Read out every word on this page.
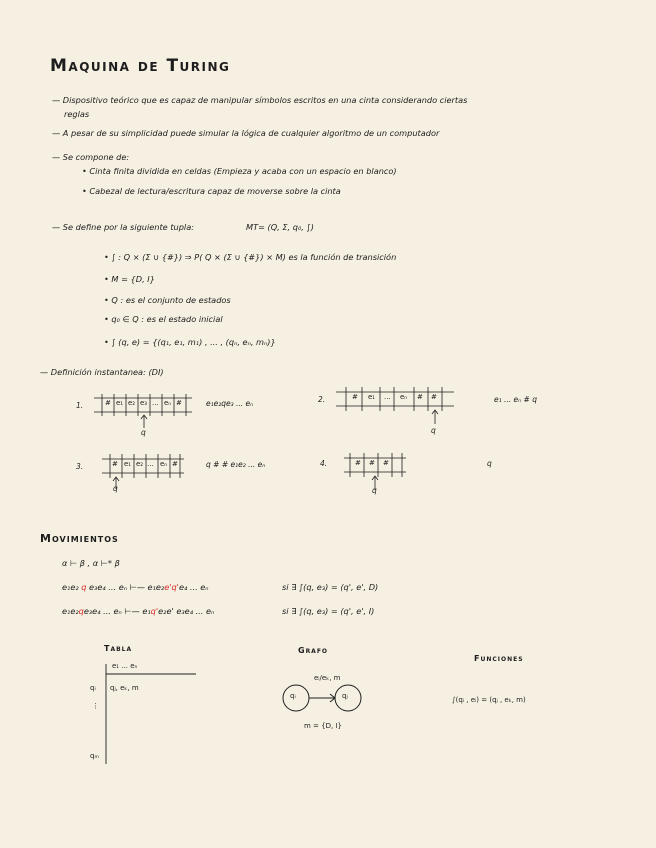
Maquina de Turing
— Dispositivo teórico que es capaz de manipular símbolos escritos en una cinta considerando ciertas
reglas
— A pesar de su simplicidad puede simular la lógica de cualquier algoritmo de un computador
— Se compone de:
• Cinta finita dividida en celdas (Empieza y acaba con un espacio en blanco)
• Cabezal de lectura/escritura capaz de moverse sobre la cinta
— Se define por la siguiente tupla:	MT= (Q, Σ, q₀, ∫)
• ∫ : Q × (Σ ∪ {#}) ⇒ P( Q × (Σ ∪ {#}) × M) es la función de transición
• M = {D, I}
• Q : es el conjunto de estados
• q₀ ∈ Q : es el estado inicial
• ∫ (q, e) = {(q₁, e₁, m₁) , ... , (qₙ, eₙ, mₙ)}
— Definición instantanea: (DI)
1.	# e₁ e₂ e₃ ... eₙ #
q
e₁e₂qe₃ ... eₙ	2.	# e₁ ... eₙ # #
q
e₁ ... eₙ # q
3.	# e₁ e₂ ... eₙ #
q
q # # e₁e₂ ... eₙ	4.	# # #
q
q
Movimientos
α ⊢ β , α ⊢* β
e₁e₂ q e₃e₄ ... eₙ ⊢— e₁e₂e'q'e₄ ... eₙ	si ∃ ∫(q, e₃) = (q', e', D)
e₁e₂qe₃e₄ ... eₙ ⊢— e₁q'e₂e' e₃e₄ ... eₙ	si ∃ ∫(q, e₃) = (q', e', I)
Tabla
e₁ ... eₙ
qᵢ qⱼ, eₖ, m
⋮
qₘ
Grafo
qᵢ	qⱼ
eᵢ/eₖ, m
m = {D, I}
Funciones
∫(qᵢ , eᵢ) = (qⱼ , eₖ, m)
